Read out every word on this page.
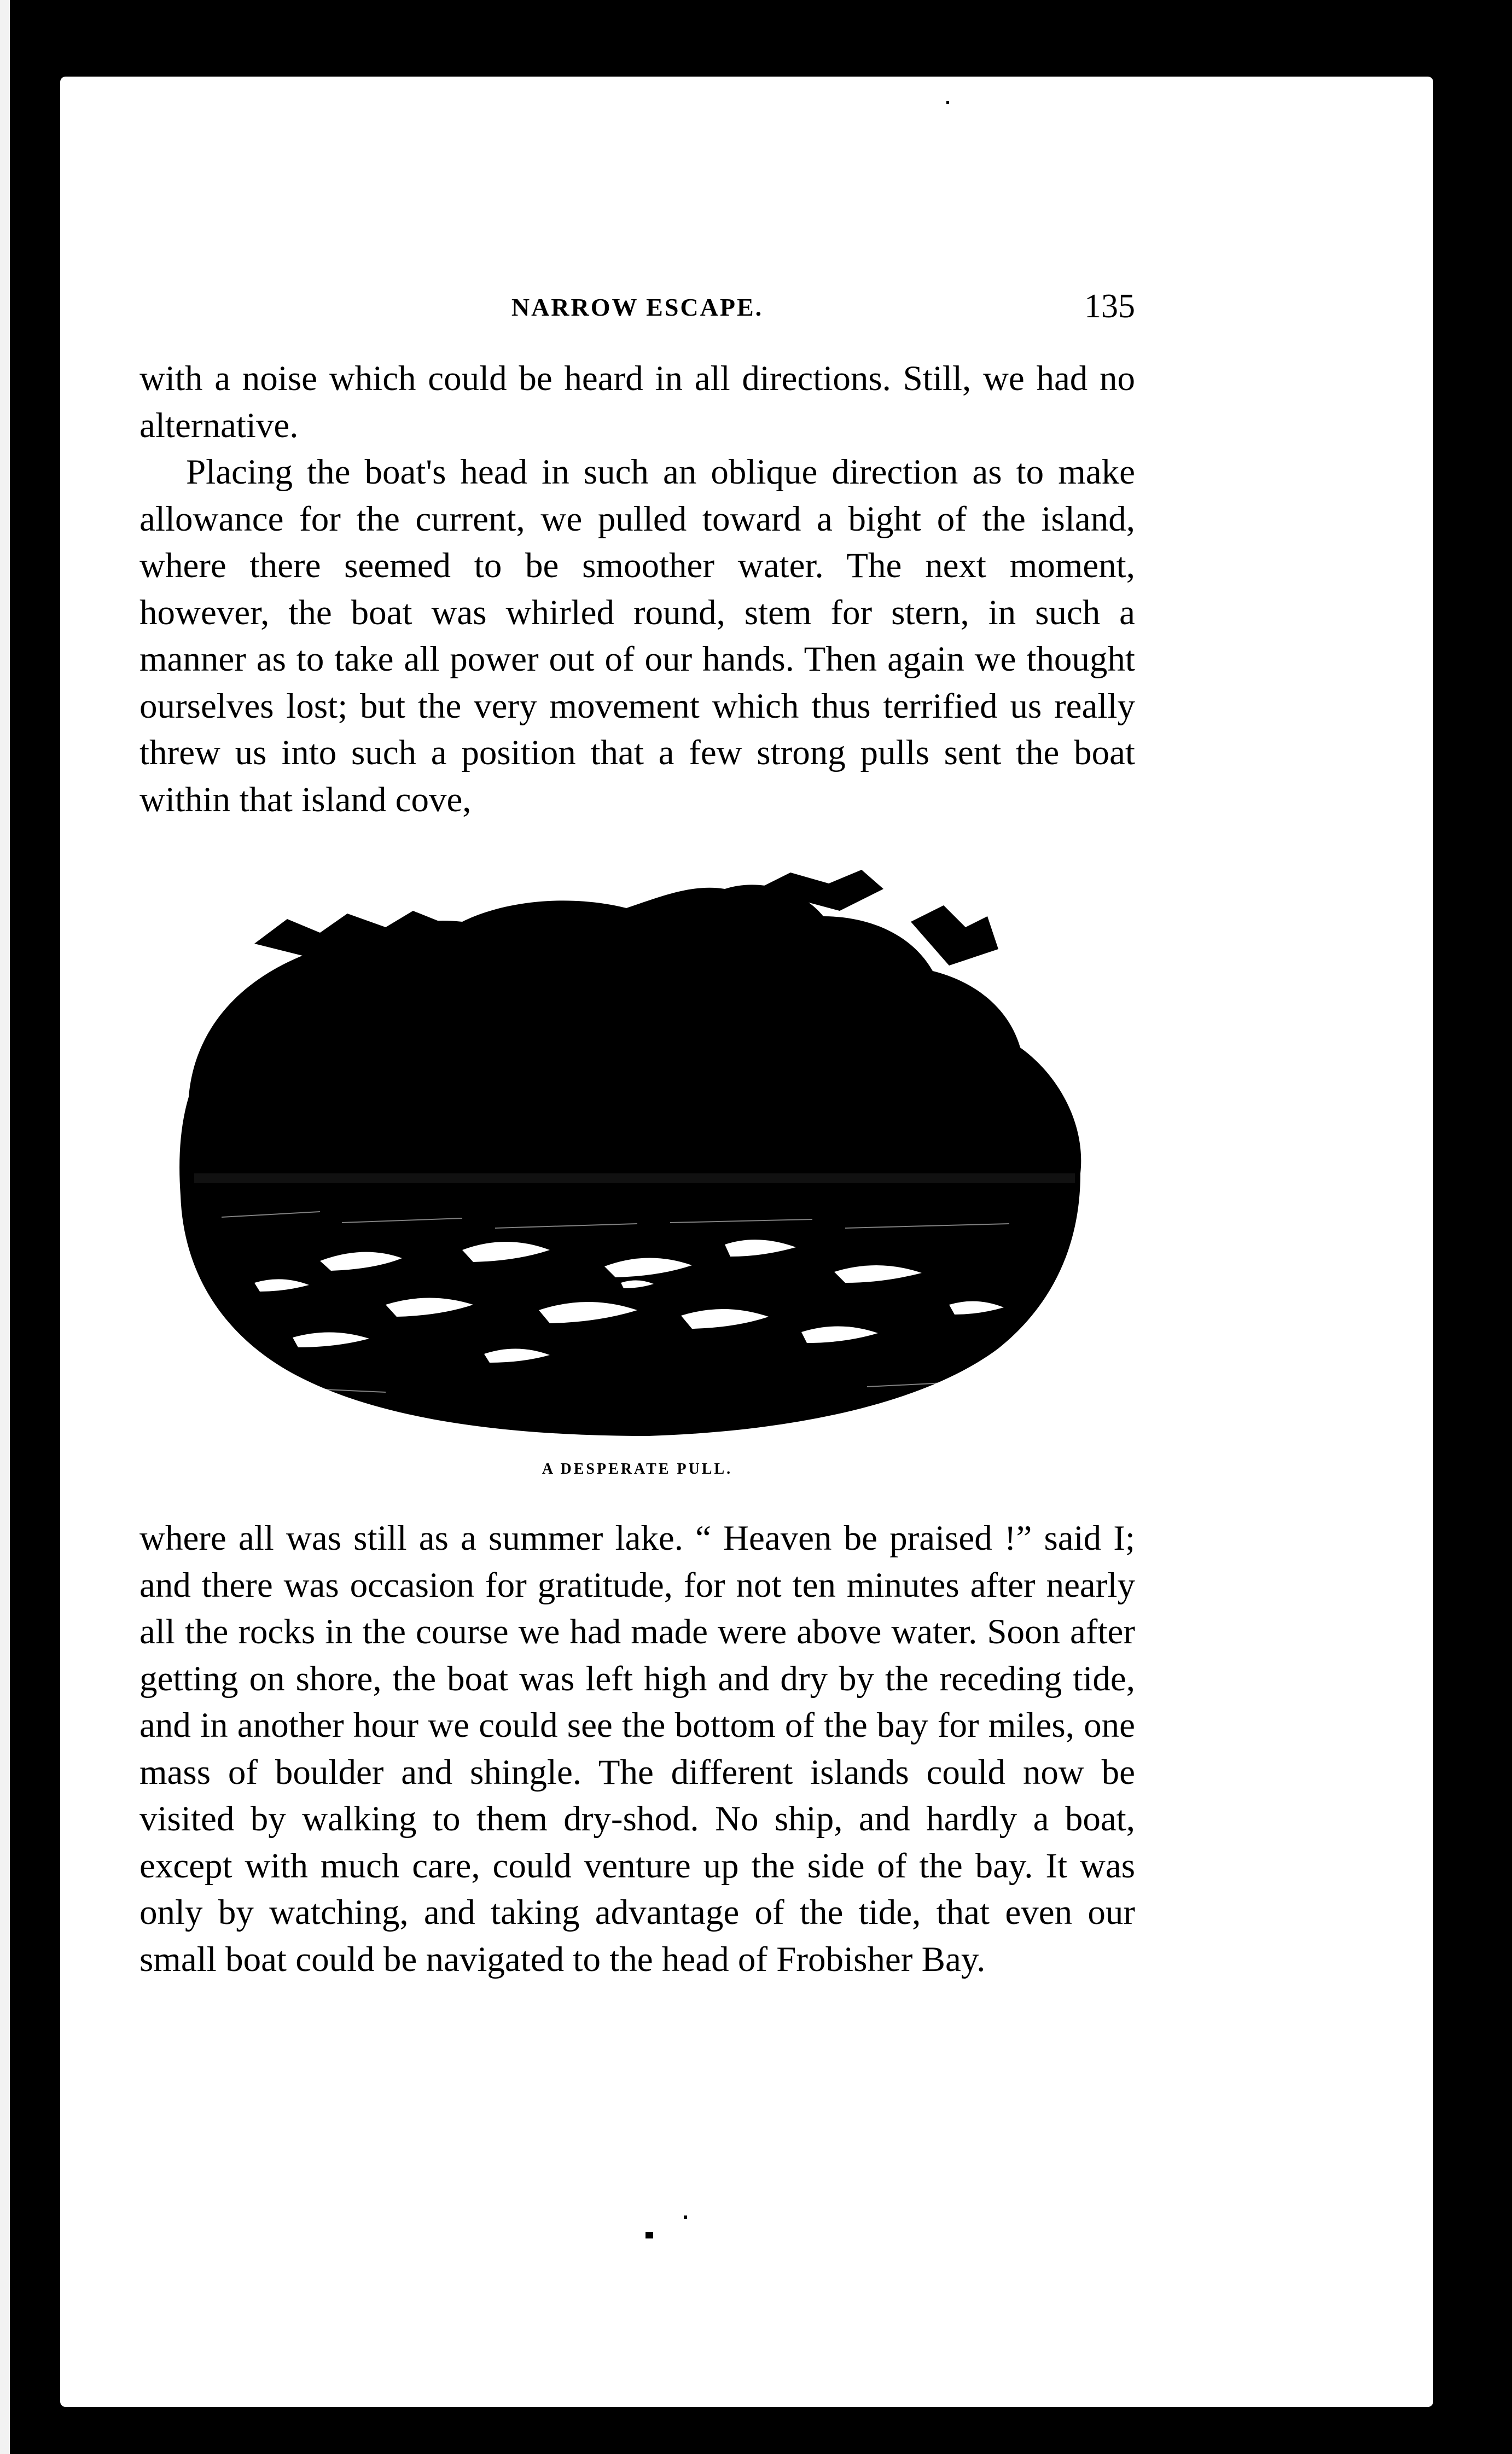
NARROW ESCAPE.	135

with a noise which could be heard in all directions. Still, we had no alternative.

Placing the boat's head in such an oblique direction as to make allowance for the current, we pulled toward a bight of the island, where there seemed to be smoother water. The next moment, however, the boat was whirled round, stem for stern, in such a manner as to take all power out of our hands. Then again we thought ourselves lost; but the very movement which thus terrified us really threw us into such a position that a few strong pulls sent the boat within that island cove,

A DESPERATE PULL.

where all was still as a summer lake. “ Heaven be praised !” said I; and there was occasion for gratitude, for not ten minutes after nearly all the rocks in the course we had made were above water. Soon after getting on shore, the boat was left high and dry by the receding tide, and in another hour we could see the bottom of the bay for miles, one mass of boulder and shingle. The different islands could now be visited by walking to them dry-shod. No ship, and hardly a boat, except with much care, could venture up the side of the bay. It was only by watching, and taking advantage of the tide, that even our small boat could be navigated to the head of Frobisher Bay.
